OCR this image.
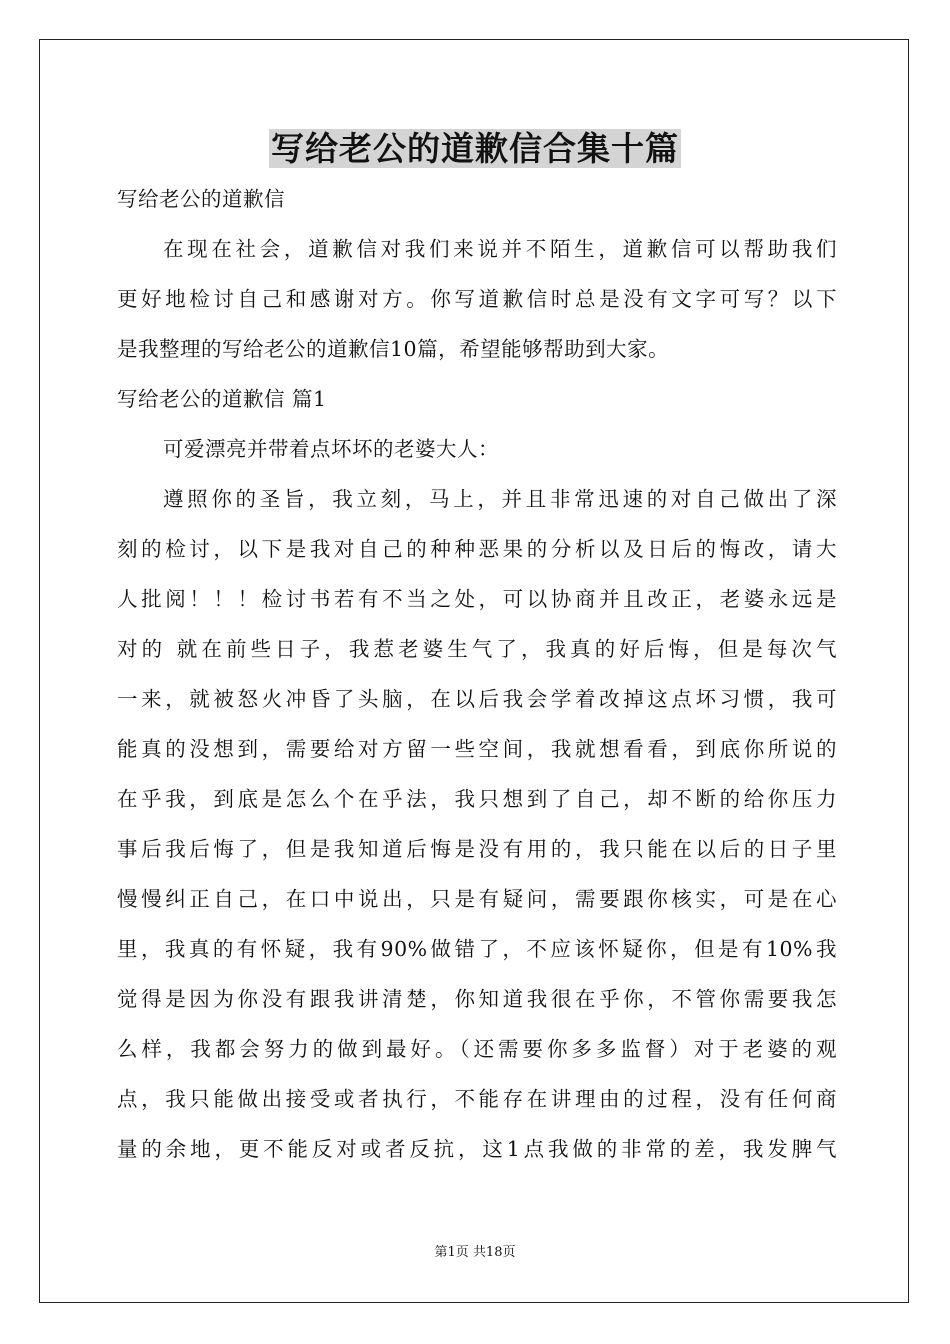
写给老公的道歉信合集十篇
写给老公的道歉信
在现在社会，道歉信对我们来说并不陌生，道歉信可以帮助我们
更好地检讨自己和感谢对方。你写道歉信时总是没有文字可写？以下
是我整理的写给老公的道歉信10篇，希望能够帮助到大家。
写给老公的道歉信 篇1
可爱漂亮并带着点坏坏的老婆大人：
遵照你的圣旨，我立刻，马上，并且非常迅速的对自己做出了深
刻的检讨，以下是我对自己的种种恶果的分析以及日后的悔改，请大
人批阅！！！检讨书若有不当之处，可以协商并且改正，老婆永远是
对的 就在前些日子，我惹老婆生气了，我真的好后悔，但是每次气
一来，就被怒火冲昏了头脑，在以后我会学着改掉这点坏习惯，我可
能真的没想到，需要给对方留一些空间，我就想看看，到底你所说的
在乎我，到底是怎么个在乎法，我只想到了自己，却不断的给你压力
事后我后悔了，但是我知道后悔是没有用的，我只能在以后的日子里
慢慢纠正自己，在口中说出，只是有疑问，需要跟你核实，可是在心
里，我真的有怀疑，我有90%做错了，不应该怀疑你，但是有10%我
觉得是因为你没有跟我讲清楚，你知道我很在乎你，不管你需要我怎
么样，我都会努力的做到最好。（还需要你多多监督）对于老婆的观
点，我只能做出接受或者执行，不能存在讲理由的过程，没有任何商
量的余地，更不能反对或者反抗，这1点我做的非常的差，我发脾气
第1页 共18页
